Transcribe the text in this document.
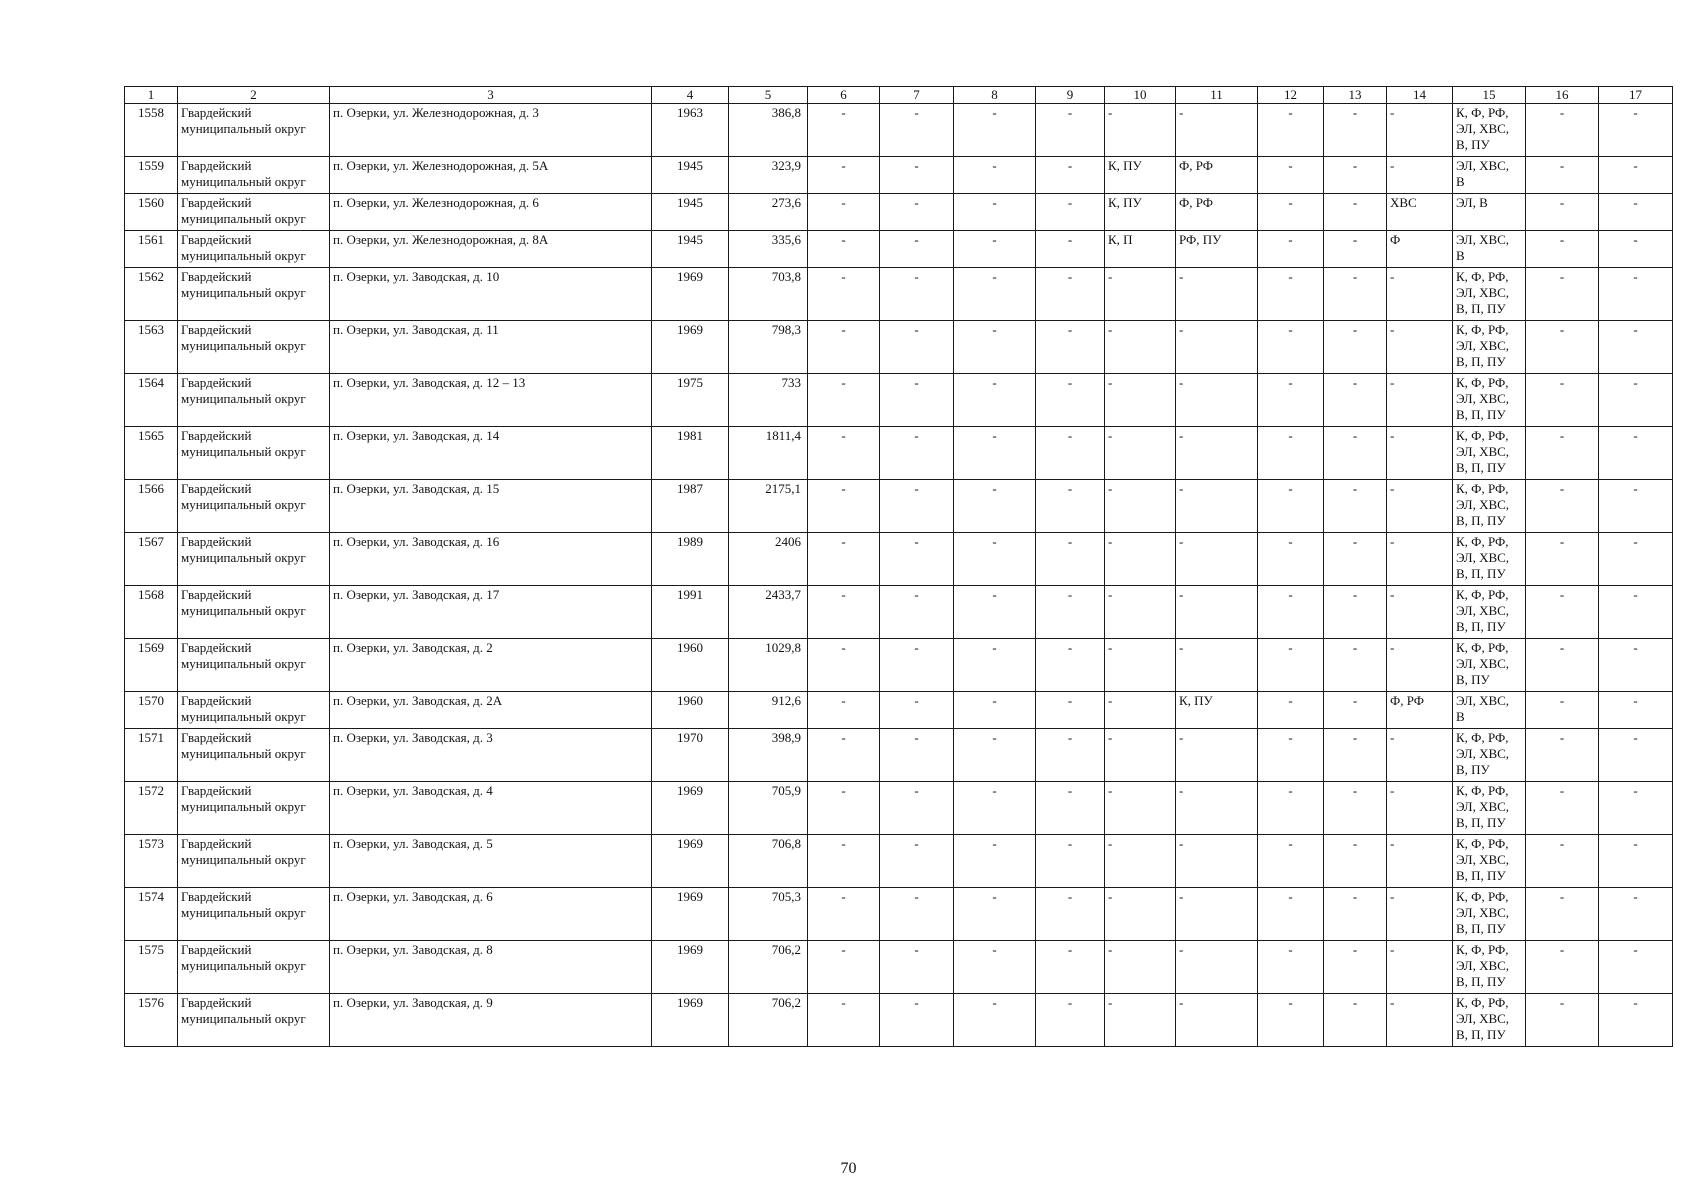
1	2	3	4	5	6	7	8	9	10	11	12	13	14	15	16	17
1558	Гвардейский муниципальный округ	п. Озерки, ул. Железнодорожная, д. 3	1963	386,8	-	-	-	-	-	-	-	-	-	К, Ф, РФ,
ЭЛ, ХВС,
В, ПУ	-	-
1559	Гвардейский муниципальный округ	п. Озерки, ул. Железнодорожная, д. 5А	1945	323,9	-	-	-	-	К, ПУ	Ф, РФ	-	-	-	ЭЛ, ХВС,
В	-	-
1560	Гвардейский муниципальный округ	п. Озерки, ул. Железнодорожная, д. 6	1945	273,6	-	-	-	-	К, ПУ	Ф, РФ	-	-	ХВС	ЭЛ, В	-	-
1561	Гвардейский муниципальный округ	п. Озерки, ул. Железнодорожная, д. 8А	1945	335,6	-	-	-	-	К, П	РФ, ПУ	-	-	Ф	ЭЛ, ХВС,
В	-	-
1562	Гвардейский муниципальный округ	п. Озерки, ул. Заводская, д. 10	1969	703,8	-	-	-	-	-	-	-	-	-	К, Ф, РФ,
ЭЛ, ХВС,
В, П, ПУ	-	-
1563	Гвардейский муниципальный округ	п. Озерки, ул. Заводская, д. 11	1969	798,3	-	-	-	-	-	-	-	-	-	К, Ф, РФ,
ЭЛ, ХВС,
В, П, ПУ	-	-
1564	Гвардейский муниципальный округ	п. Озерки, ул. Заводская, д. 12 – 13	1975	733	-	-	-	-	-	-	-	-	-	К, Ф, РФ,
ЭЛ, ХВС,
В, П, ПУ	-	-
1565	Гвардейский муниципальный округ	п. Озерки, ул. Заводская, д. 14	1981	1811,4	-	-	-	-	-	-	-	-	-	К, Ф, РФ,
ЭЛ, ХВС,
В, П, ПУ	-	-
1566	Гвардейский муниципальный округ	п. Озерки, ул. Заводская, д. 15	1987	2175,1	-	-	-	-	-	-	-	-	-	К, Ф, РФ,
ЭЛ, ХВС,
В, П, ПУ	-	-
1567	Гвардейский муниципальный округ	п. Озерки, ул. Заводская, д. 16	1989	2406	-	-	-	-	-	-	-	-	-	К, Ф, РФ,
ЭЛ, ХВС,
В, П, ПУ	-	-
1568	Гвардейский муниципальный округ	п. Озерки, ул. Заводская, д. 17	1991	2433,7	-	-	-	-	-	-	-	-	-	К, Ф, РФ,
ЭЛ, ХВС,
В, П, ПУ	-	-
1569	Гвардейский муниципальный округ	п. Озерки, ул. Заводская, д. 2	1960	1029,8	-	-	-	-	-	-	-	-	-	К, Ф, РФ,
ЭЛ, ХВС,
В, ПУ	-	-
1570	Гвардейский муниципальный округ	п. Озерки, ул. Заводская, д. 2А	1960	912,6	-	-	-	-	-	К, ПУ	-	-	Ф, РФ	ЭЛ, ХВС,
В	-	-
1571	Гвардейский муниципальный округ	п. Озерки, ул. Заводская, д. 3	1970	398,9	-	-	-	-	-	-	-	-	-	К, Ф, РФ,
ЭЛ, ХВС,
В, ПУ	-	-
1572	Гвардейский муниципальный округ	п. Озерки, ул. Заводская, д. 4	1969	705,9	-	-	-	-	-	-	-	-	-	К, Ф, РФ,
ЭЛ, ХВС,
В, П, ПУ	-	-
1573	Гвардейский муниципальный округ	п. Озерки, ул. Заводская, д. 5	1969	706,8	-	-	-	-	-	-	-	-	-	К, Ф, РФ,
ЭЛ, ХВС,
В, П, ПУ	-	-
1574	Гвардейский муниципальный округ	п. Озерки, ул. Заводская, д. 6	1969	705,3	-	-	-	-	-	-	-	-	-	К, Ф, РФ,
ЭЛ, ХВС,
В, П, ПУ	-	-
1575	Гвардейский муниципальный округ	п. Озерки, ул. Заводская, д. 8	1969	706,2	-	-	-	-	-	-	-	-	-	К, Ф, РФ,
ЭЛ, ХВС,
В, П, ПУ	-	-
1576	Гвардейский муниципальный округ	п. Озерки, ул. Заводская, д. 9	1969	706,2	-	-	-	-	-	-	-	-	-	К, Ф, РФ,
ЭЛ, ХВС,
В, П, ПУ	-	-
70
